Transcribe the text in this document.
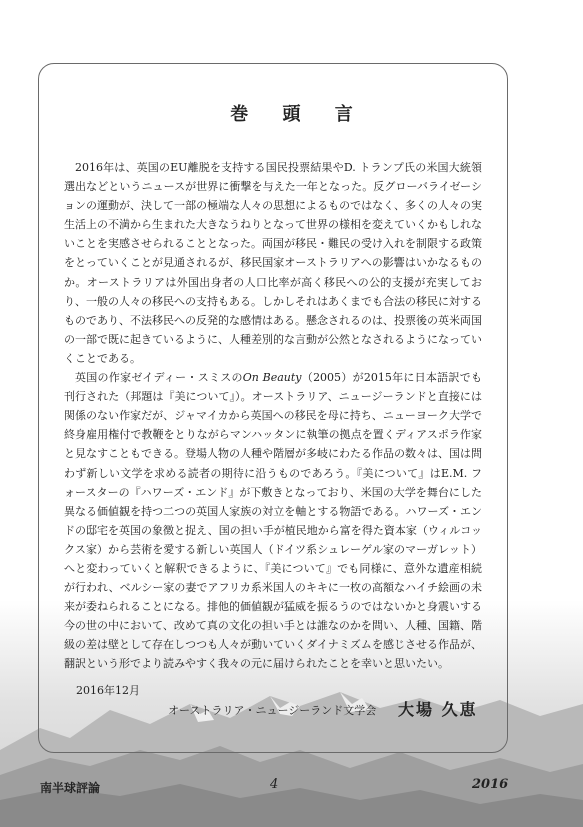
巻 頭 言

2016年は、英国のEU離脱を支持する国民投票結果やD. トランプ氏の米国大統領選出などというニュースが世界に衝撃を与えた一年となった。反グローバライゼーションの運動が、決して一部の極端な人々の思想によるものではなく、多くの人々の実生活上の不満から生まれた大きなうねりとなって世界の様相を変えていくかもしれないことを実感させられることとなった。両国が移民・難民の受け入れを制限する政策をとっていくことが見通されるが、移民国家オーストラリアへの影響はいかなるものか。オーストラリアは外国出身者の人口比率が高く移民への公的支援が充実しており、一般の人々の移民への支持もある。しかしそれはあくまでも合法の移民に対するものであり、不法移民への反発的な感情はある。懸念されるのは、投票後の英米両国の一部で既に起きているように、人種差別的な言動が公然となされるようになっていくことである。

英国の作家ゼイディー・スミスのOn Beauty（2005）が2015年に日本語訳でも刊行された（邦題は『美について』）。オーストラリア、ニュージーランドと直接には関係のない作家だが、ジャマイカから英国への移民を母に持ち、ニューヨーク大学で終身雇用権付で教鞭をとりながらマンハッタンに執筆の拠点を置くディアスポラ作家と見なすこともできる。登場人物の人種や階層が多岐にわたる作品の数々は、国は問わず新しい文学を求める読者の期待に沿うものであろう。『美について』はE.M. フォースターの『ハワーズ・エンド』が下敷きとなっており、米国の大学を舞台にした異なる価値観を持つ二つの英国人家族の対立を軸とする物語である。ハワーズ・エンドの邸宅を英国の象徴と捉え、国の担い手が植民地から富を得た資本家（ウィルコックス家）から芸術を愛する新しい英国人（ドイツ系シュレーゲル家のマーガレット）へと変わっていくと解釈できるように、『美について』でも同様に、意外な遺産相続が行われ、ベルシー家の妻でアフリカ系米国人のキキに一枚の高額なハイチ絵画の未来が委ねられることになる。排他的価値観が猛威を振るうのではないかと身震いする今の世の中において、改めて真の文化の担い手とは誰なのかを問い、人種、国籍、階級の差は壁として存在しつつも人々が動いていくダイナミズムを感じさせる作品が、翻訳という形でより読みやすく我々の元に届けられたことを幸いと思いたい。

2016年12月
オーストラリア・ニュージーランド文学会 大場 久恵
南半球評論	4	2016
